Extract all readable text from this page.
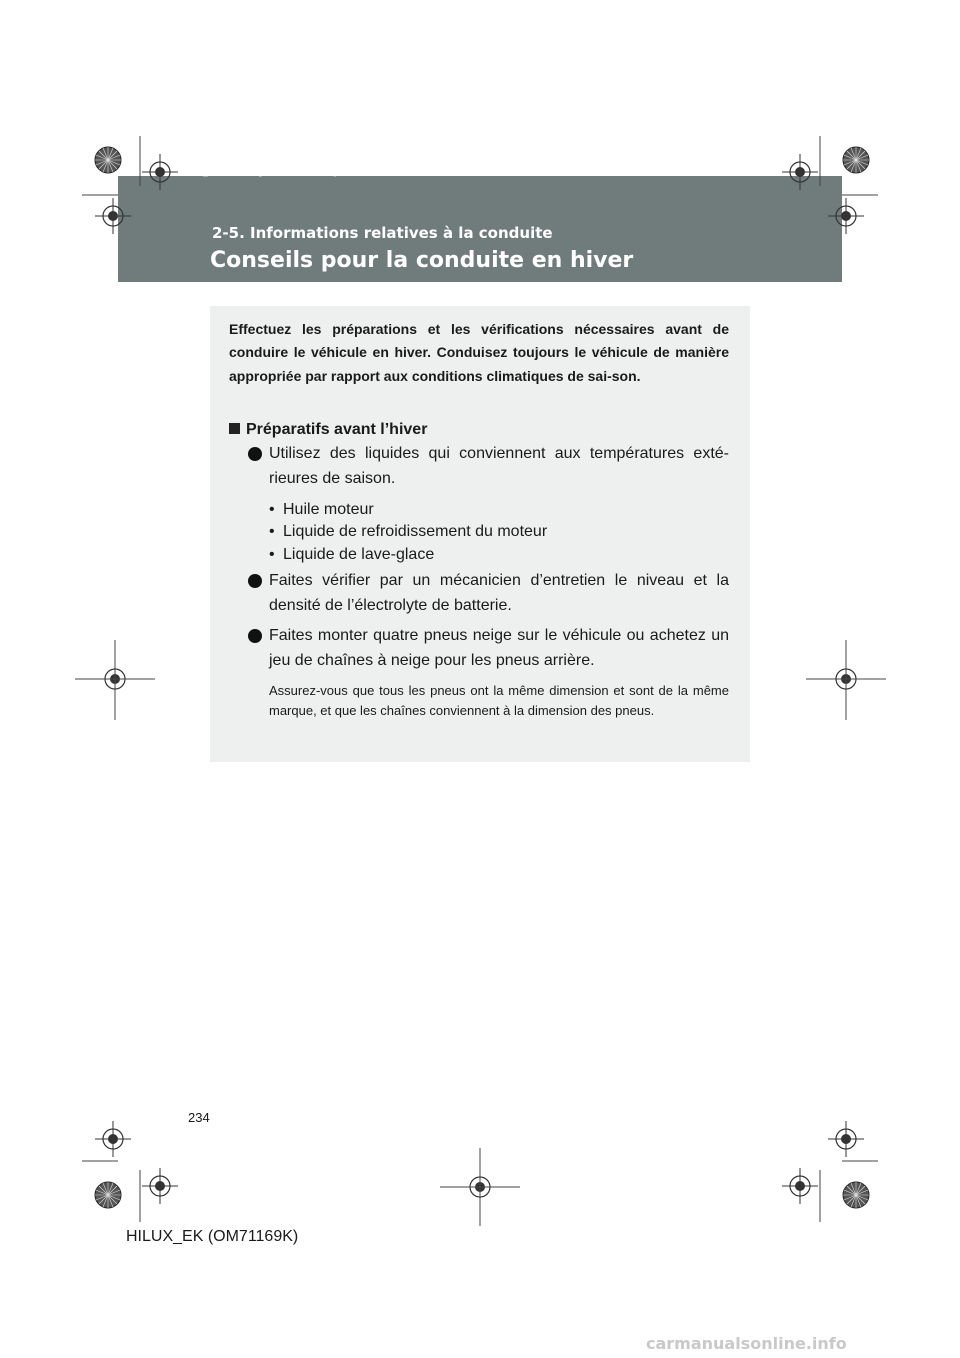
HILUX_EK.book Page 234 Wednesday, March 23, 2011 3:03 PM
2-5. Informations relatives à la conduite
Conseils pour la conduite en hiver
Effectuez les préparations et les vérifications nécessaires avant de conduire le véhicule en hiver. Conduisez toujours le véhicule de manière appropriée par rapport aux conditions climatiques de sai-son.
Préparatifs avant l’hiver
Utilisez des liquides qui conviennent aux températures exté-rieures de saison.
• Huile moteur
• Liquide de refroidissement du moteur
• Liquide de lave-glace
Faites vérifier par un mécanicien d’entretien le niveau et la densité de l’électrolyte de batterie.
Faites monter quatre pneus neige sur le véhicule ou achetez un jeu de chaînes à neige pour les pneus arrière.
Assurez-vous que tous les pneus ont la même dimension et sont de la même marque, et que les chaînes conviennent à la dimension des pneus.
234
HILUX_EK (OM71169K)
carmanualsonline.info
